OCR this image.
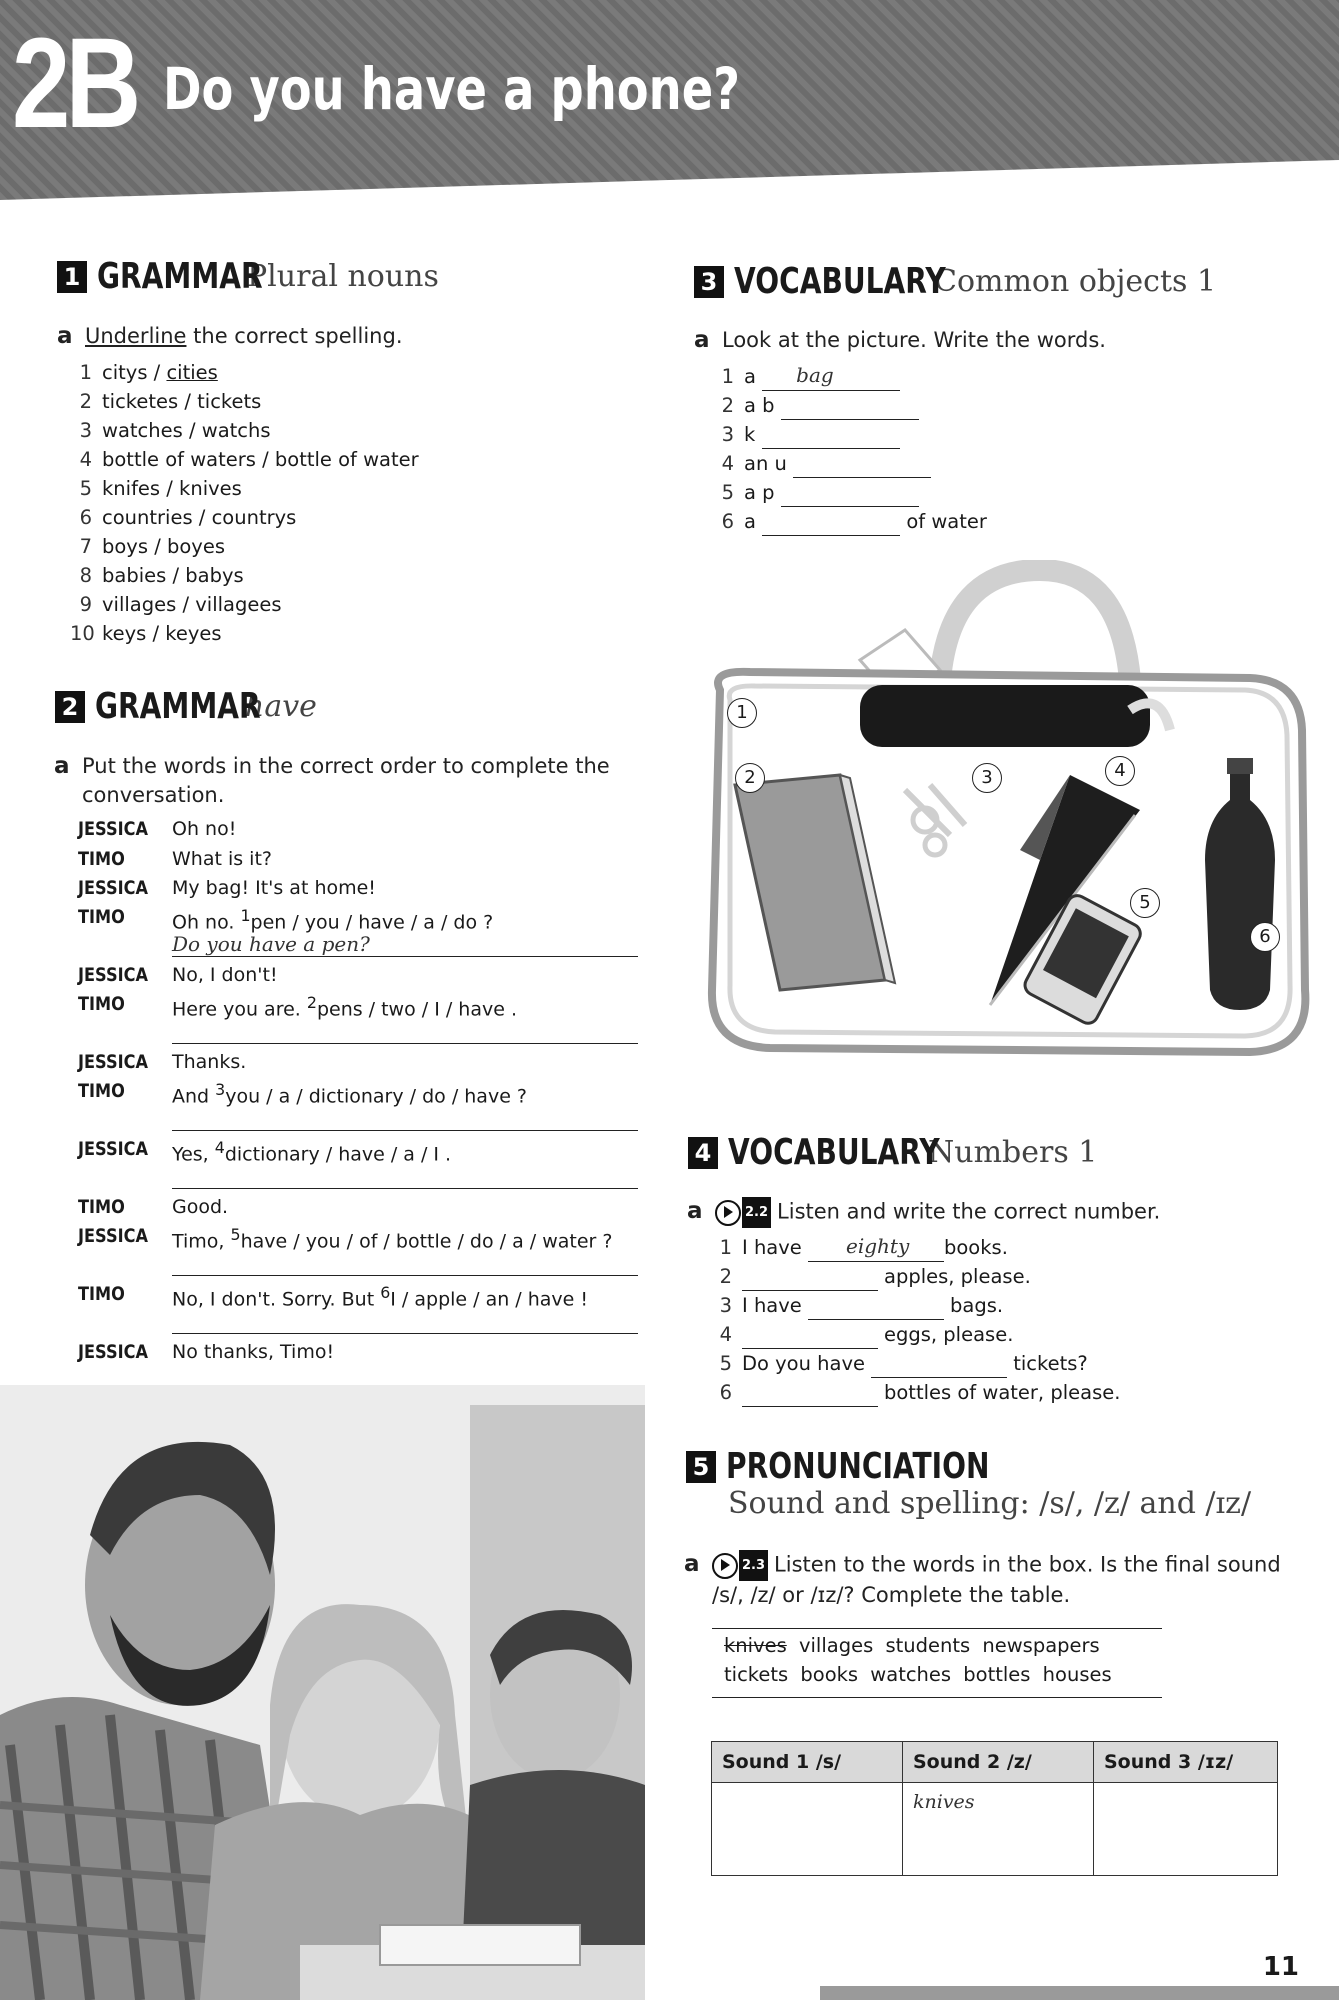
2B Do you have a phone?
1 GRAMMAR
Plural nouns
a Underline the correct spelling.
1 citys / cities
2 ticketes / tickets
3 watches / watchs
4 bottle of waters / bottle of water
5 knifes / knives
6 countries / countrys
7 boys / boyes
8 babies / babys
9 villages / villagees
10 keys / keyes
2 GRAMMAR
have
a Put the words in the correct order to complete the conversation.
JESSICA Oh no!
TIMO What is it?
JESSICA My bag! It's at home!
TIMO Oh no. $^1$pen / you / have / a / do ?
Do you have a pen?
JESSICA No, I don't!
TIMO Here you are. $^2$pens / two / I / have .
JESSICA Thanks.
TIMO And $^3$you / a / dictionary / do / have ?
JESSICA Yes, $^4$dictionary / have / a / I .
TIMO Good.
JESSICA Timo, $^5$have / you / of / bottle / do / a / water ?
TIMO No, I don't. Sorry. But $^6$I / apple / an / have !
JESSICA No thanks, Timo!
3 VOCABULARY
Common objects 1
a Look at the picture. Write the words.
1 a bag
2 a b
3 k
4 an u
5 a p
6 a	of water
1
2	3	4
5
6
4 VOCABULARY
Numbers 1
a	2.2 Listen and write the correct number.
1 I have eighty books.
2	apples, please.
3 I have	bags.
4	eggs, please.
5 Do you have	tickets?
6	bottles of water, please.
5 PRONUNCIATION
Sound and spelling: /s/, /z/ and /ɪz/
a	2.3 Listen to the words in the box. Is the final sound /s/, /z/ or /ɪz/? Complete the table.
knives villages students newspapers
tickets books watches bottles houses
Sound 1 /s/	Sound 2 /z/	Sound 3 /ɪz/
	knives	
11
